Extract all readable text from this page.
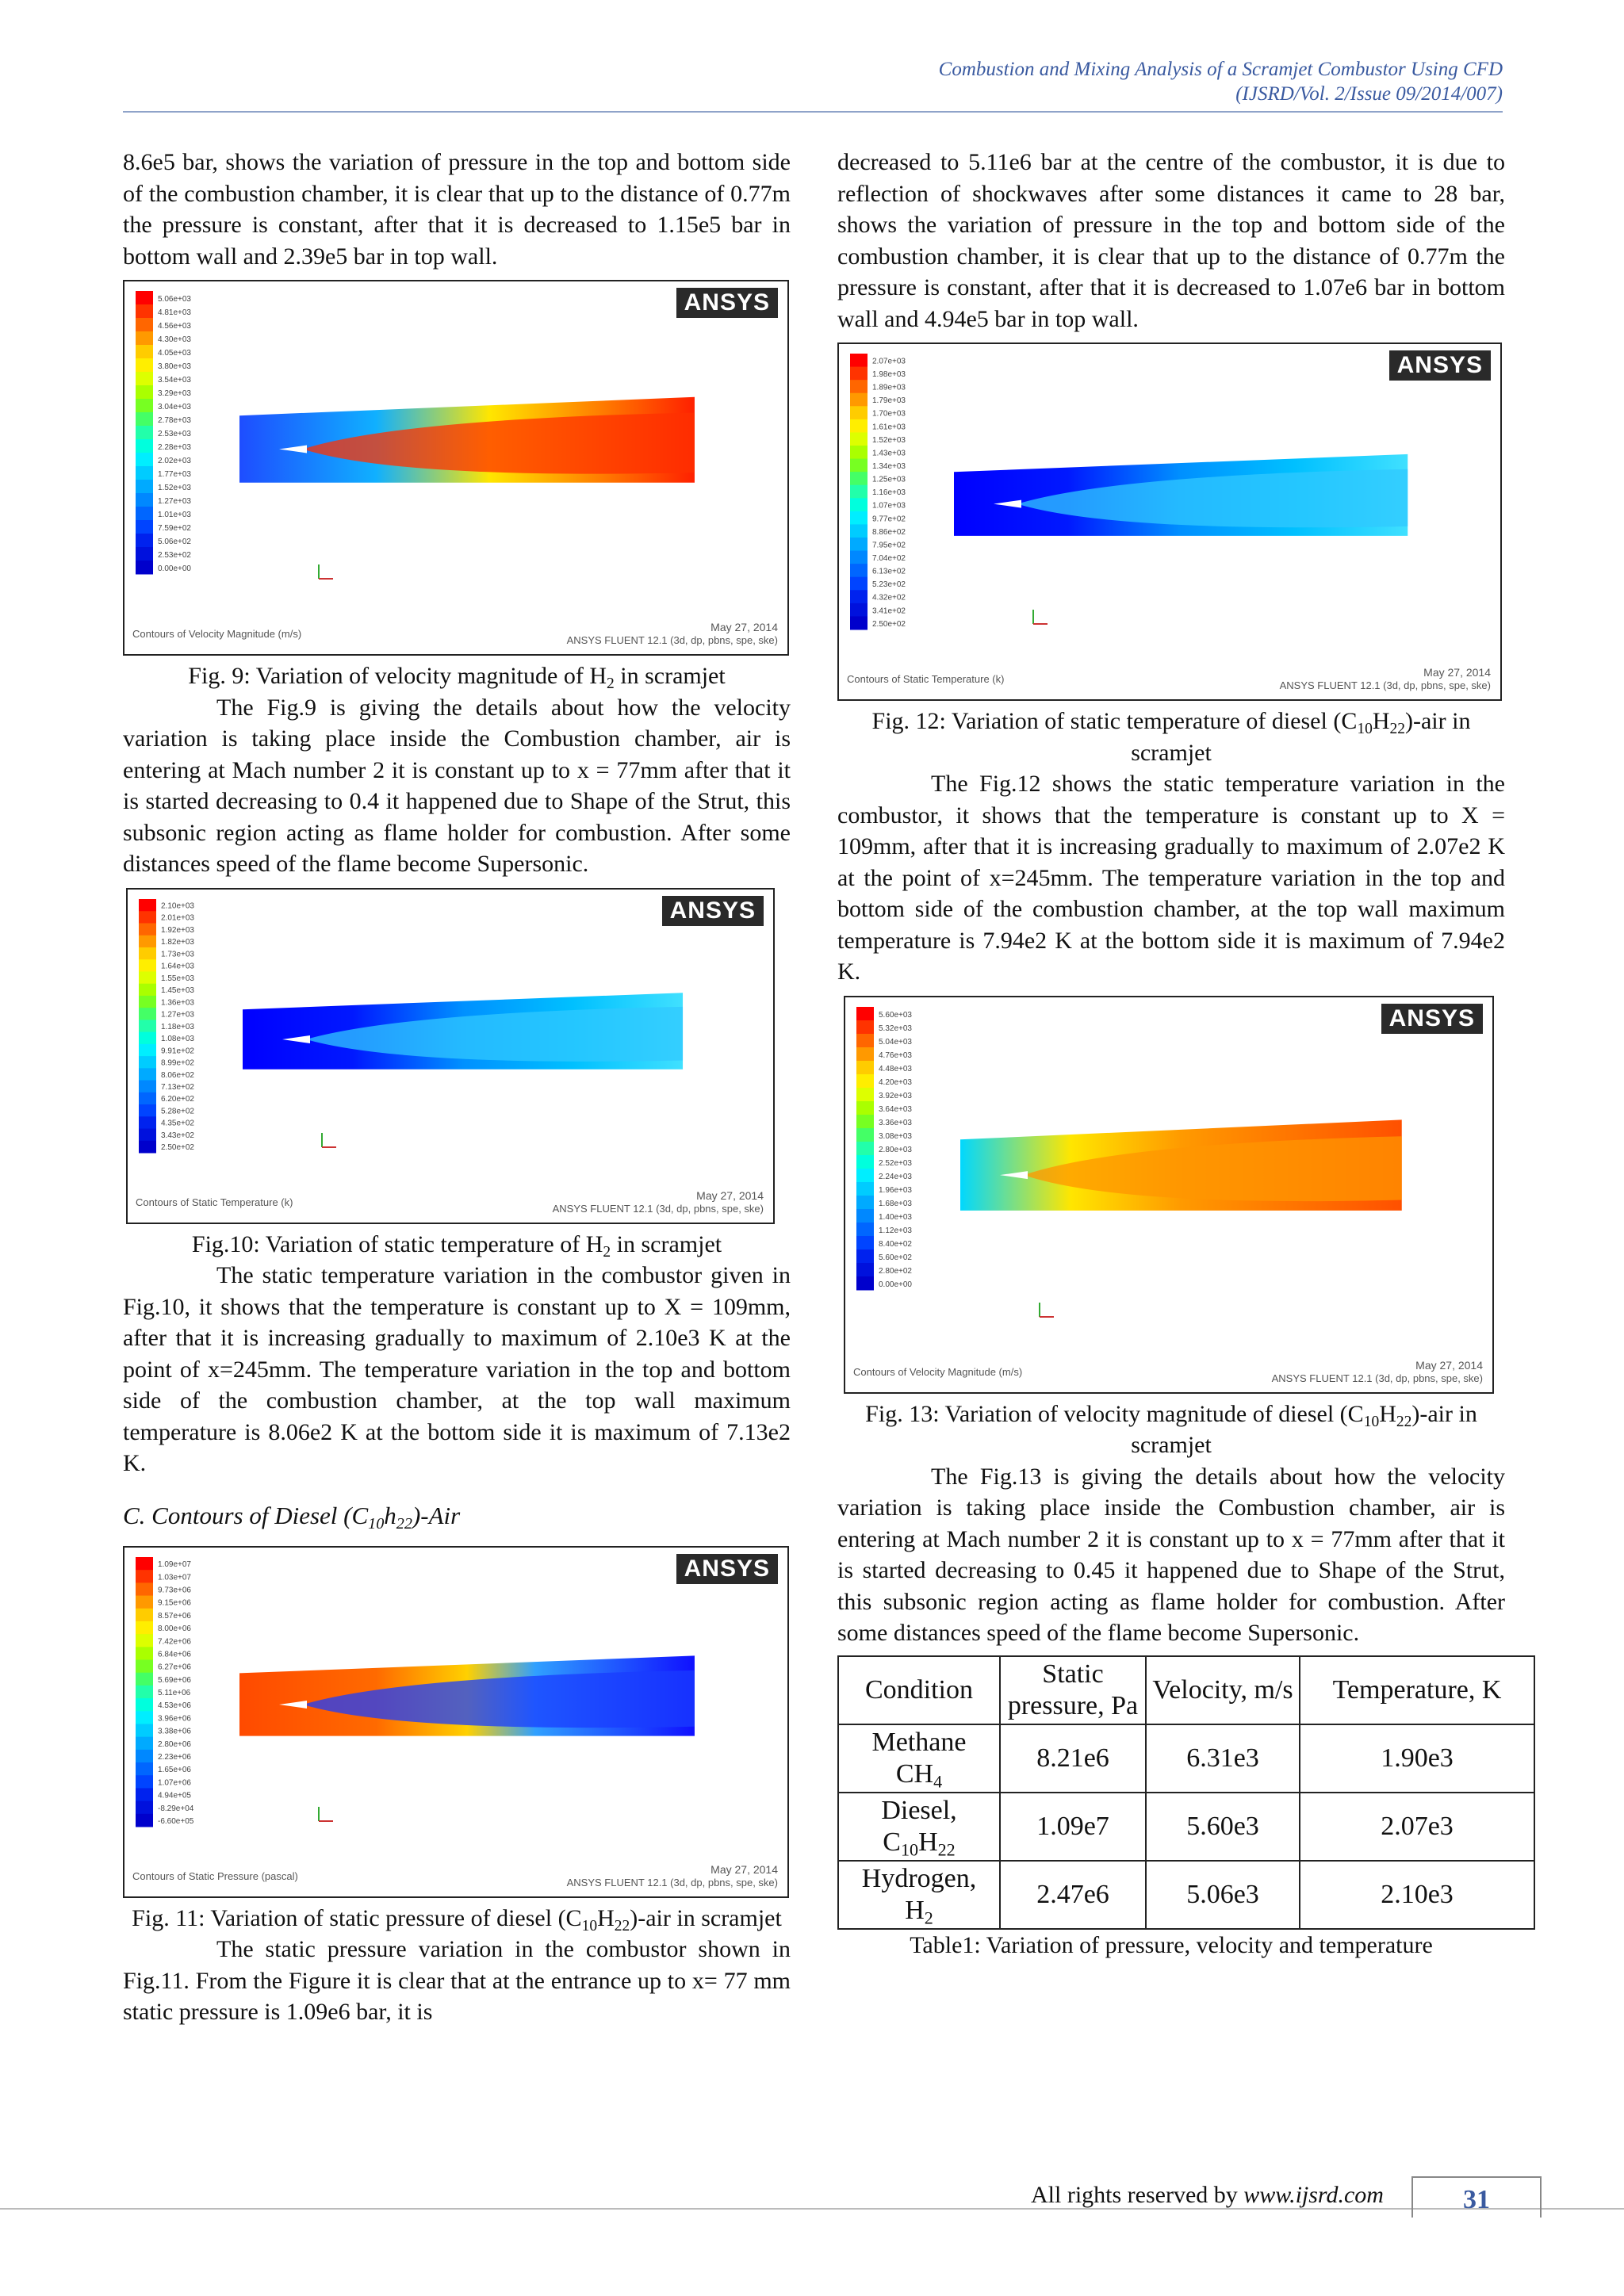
Combustion and Mixing Analysis of a Scramjet Combustor Using CFD
(IJSRD/Vol. 2/Issue 09/2014/007)

8.6e5 bar, shows the variation of pressure in the top and bottom side of the combustion chamber, it is clear that up to the distance of 0.77m the pressure is constant, after that it is decreased to 1.15e5 bar in bottom wall and 2.39e5 bar in top wall.

5.06e+03
4.81e+03
4.56e+03
4.30e+03
4.05e+03
3.80e+03
3.54e+03
3.29e+03
3.04e+03
2.78e+03
2.53e+03
2.28e+03
2.02e+03
1.77e+03
1.52e+03
1.27e+03
1.01e+03
7.59e+02
5.06e+02
2.53e+02
0.00e+00
ANSYS
Contours of Velocity Magnitude (m/s)
May 27, 2014
ANSYS FLUENT 12.1 (3d, dp, pbns, spe, ske)

Fig. 9: Variation of velocity magnitude of $H_2$ in scramjet

The Fig.9 is giving the details about how the velocity variation is taking place inside the Combustion chamber, air is entering at Mach number 2 it is constant up to x = 77mm after that it is started decreasing to 0.4 it happened due to Shape of the Strut, this subsonic region acting as flame holder for combustion. After some distances speed of the flame become Supersonic.

2.10e+03
2.01e+03
1.92e+03
1.82e+03
1.73e+03
1.64e+03
1.55e+03
1.45e+03
1.36e+03
1.27e+03
1.18e+03
1.08e+03
9.91e+02
8.99e+02
8.06e+02
7.13e+02
6.20e+02
5.28e+02
4.35e+02
3.43e+02
2.50e+02
ANSYS
Contours of Static Temperature (k)
May 27, 2014
ANSYS FLUENT 12.1 (3d, dp, pbns, spe, ske)

Fig.10: Variation of static temperature of $H_2$ in scramjet

The static temperature variation in the combustor given in Fig.10, it shows that the temperature is constant up to X = 109mm, after that it is increasing gradually to maximum of 2.10e3 K at the point of x=245mm. The temperature variation in the top and bottom side of the combustion chamber, at the top wall maximum temperature is 8.06e2 K at the bottom side it is maximum of 7.13e2 K.

C. Contours of Diesel $(C_{10}h_{22})$-Air
1.09e+07
1.03e+07
9.73e+06
9.15e+06
8.57e+06
8.00e+06
7.42e+06
6.84e+06
6.27e+06
5.69e+06
5.11e+06
4.53e+06
3.96e+06
3.38e+06
2.80e+06
2.23e+06
1.65e+06
1.07e+06
4.94e+05
-8.29e+04
-6.60e+05
ANSYS
Contours of Static Pressure (pascal)
May 27, 2014
ANSYS FLUENT 12.1 (3d, dp, pbns, spe, ske)

Fig. 11: Variation of static pressure of diesel $(C_{10}H_{22})$-air in scramjet

The static pressure variation in the combustor shown in Fig.11. From the Figure it is clear that at the entrance up to x= 77 mm static pressure is 1.09e6 bar, it is

decreased to 5.11e6 bar at the centre of the combustor, it is due to reflection of shockwaves after some distances it came to 28 bar, shows the variation of pressure in the top and bottom side of the combustion chamber, it is clear that up to the distance of 0.77m the pressure is constant, after that it is decreased to 1.07e6 bar in bottom wall and 4.94e5 bar in top wall.

2.07e+03
1.98e+03
1.89e+03
1.79e+03
1.70e+03
1.61e+03
1.52e+03
1.43e+03
1.34e+03
1.25e+03
1.16e+03
1.07e+03
9.77e+02
8.86e+02
7.95e+02
7.04e+02
6.13e+02
5.23e+02
4.32e+02
3.41e+02
2.50e+02
ANSYS
Contours of Static Temperature (k)
May 27, 2014
ANSYS FLUENT 12.1 (3d, dp, pbns, spe, ske)

Fig. 12: Variation of static temperature of diesel $(C_{10}H_{22})$-air in scramjet

The Fig.12 shows the static temperature variation in the combustor, it shows that the temperature is constant up to X = 109mm, after that it is increasing gradually to maximum of 2.07e2 K at the point of x=245mm. The temperature variation in the top and bottom side of the combustion chamber, at the top wall maximum temperature is 7.94e2 K at the bottom side it is maximum of 7.94e2 K.

5.60e+03
5.32e+03
5.04e+03
4.76e+03
4.48e+03
4.20e+03
3.92e+03
3.64e+03
3.36e+03
3.08e+03
2.80e+03
2.52e+03
2.24e+03
1.96e+03
1.68e+03
1.40e+03
1.12e+03
8.40e+02
5.60e+02
2.80e+02
0.00e+00
ANSYS
Contours of Velocity Magnitude (m/s)
May 27, 2014
ANSYS FLUENT 12.1 (3d, dp, pbns, spe, ske)

Fig. 13: Variation of velocity magnitude of diesel $(C_{10}H_{22})$-air in scramjet

The Fig.13 is giving the details about how the velocity variation is taking place inside the Combustion chamber, air is entering at Mach number 2 it is constant up to x = 77mm after that it is started decreasing to 0.45 it happened due to Shape of the Strut, this subsonic region acting as flame holder for combustion. After some distances speed of the flame become Supersonic.

Condition	Static pressure, Pa	Velocity, m/s	Temperature, K
Methane
$CH_4$	8.21e6	6.31e3	1.90e3
Diesel,
$C_{10}H_{22}$	1.09e7	5.60e3	2.07e3
Hydrogen,
$H_2$	2.47e6	5.06e3	2.10e3

Table1: Variation of pressure, velocity and temperature

All rights reserved by www.ijsrd.com	31
